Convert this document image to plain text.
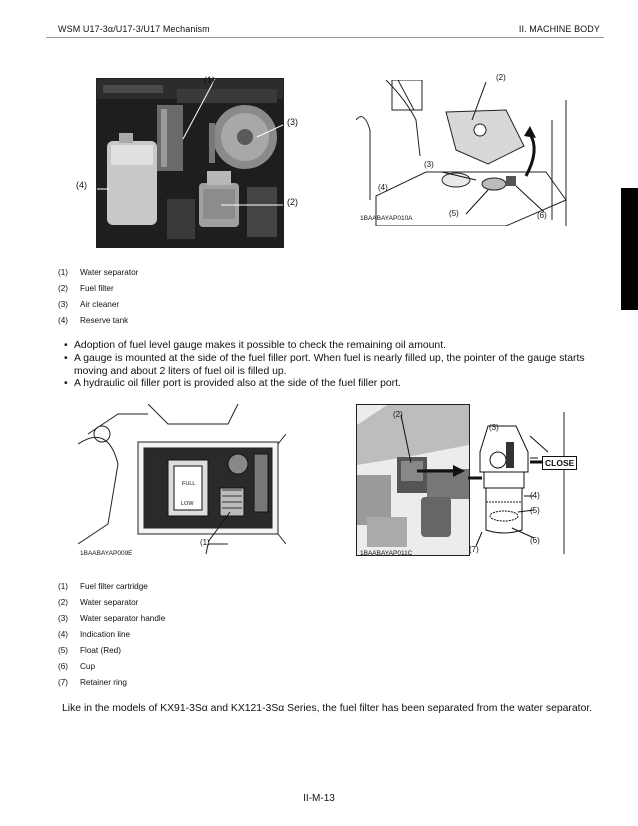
WSM U17-3α/U17-3/U17 Mechanism	II. MACHINE BODY
(1)
(3)
(4)
(2)
(2)
(3)
(4)
(5)	(6)
1BAABAYAP010A
(1)	Water separator
(2)	Fuel filter
(3)	Air cleaner
(4)	Reserve tank
• Adoption of fuel level gauge makes it possible to check the remaining oil amount.
• A gauge is mounted at the side of the fuel filler port. When fuel is nearly filled up, the pointer of the gauge starts moving and about 2 liters of fuel oil is filled up.
• A hydraulic oil filler port is provided also at the side of the fuel filler port.
FULL
LOW
(1)
1BAABAYAP009E
CLOSE
(2)
(3)
(4)
(5)
(6)
(7)
1BAABAYAP011C
(1)	Fuel filter cartridge
(2)	Water separator
(3)	Water separator handle
(4)	Indication line
(5)	Float (Red)
(6)	Cup
(7)	Retainer ring
Like in the models of KX91-3Sα and KX121-3Sα Series, the fuel filter has been separated from the water separator.
II-M-13
